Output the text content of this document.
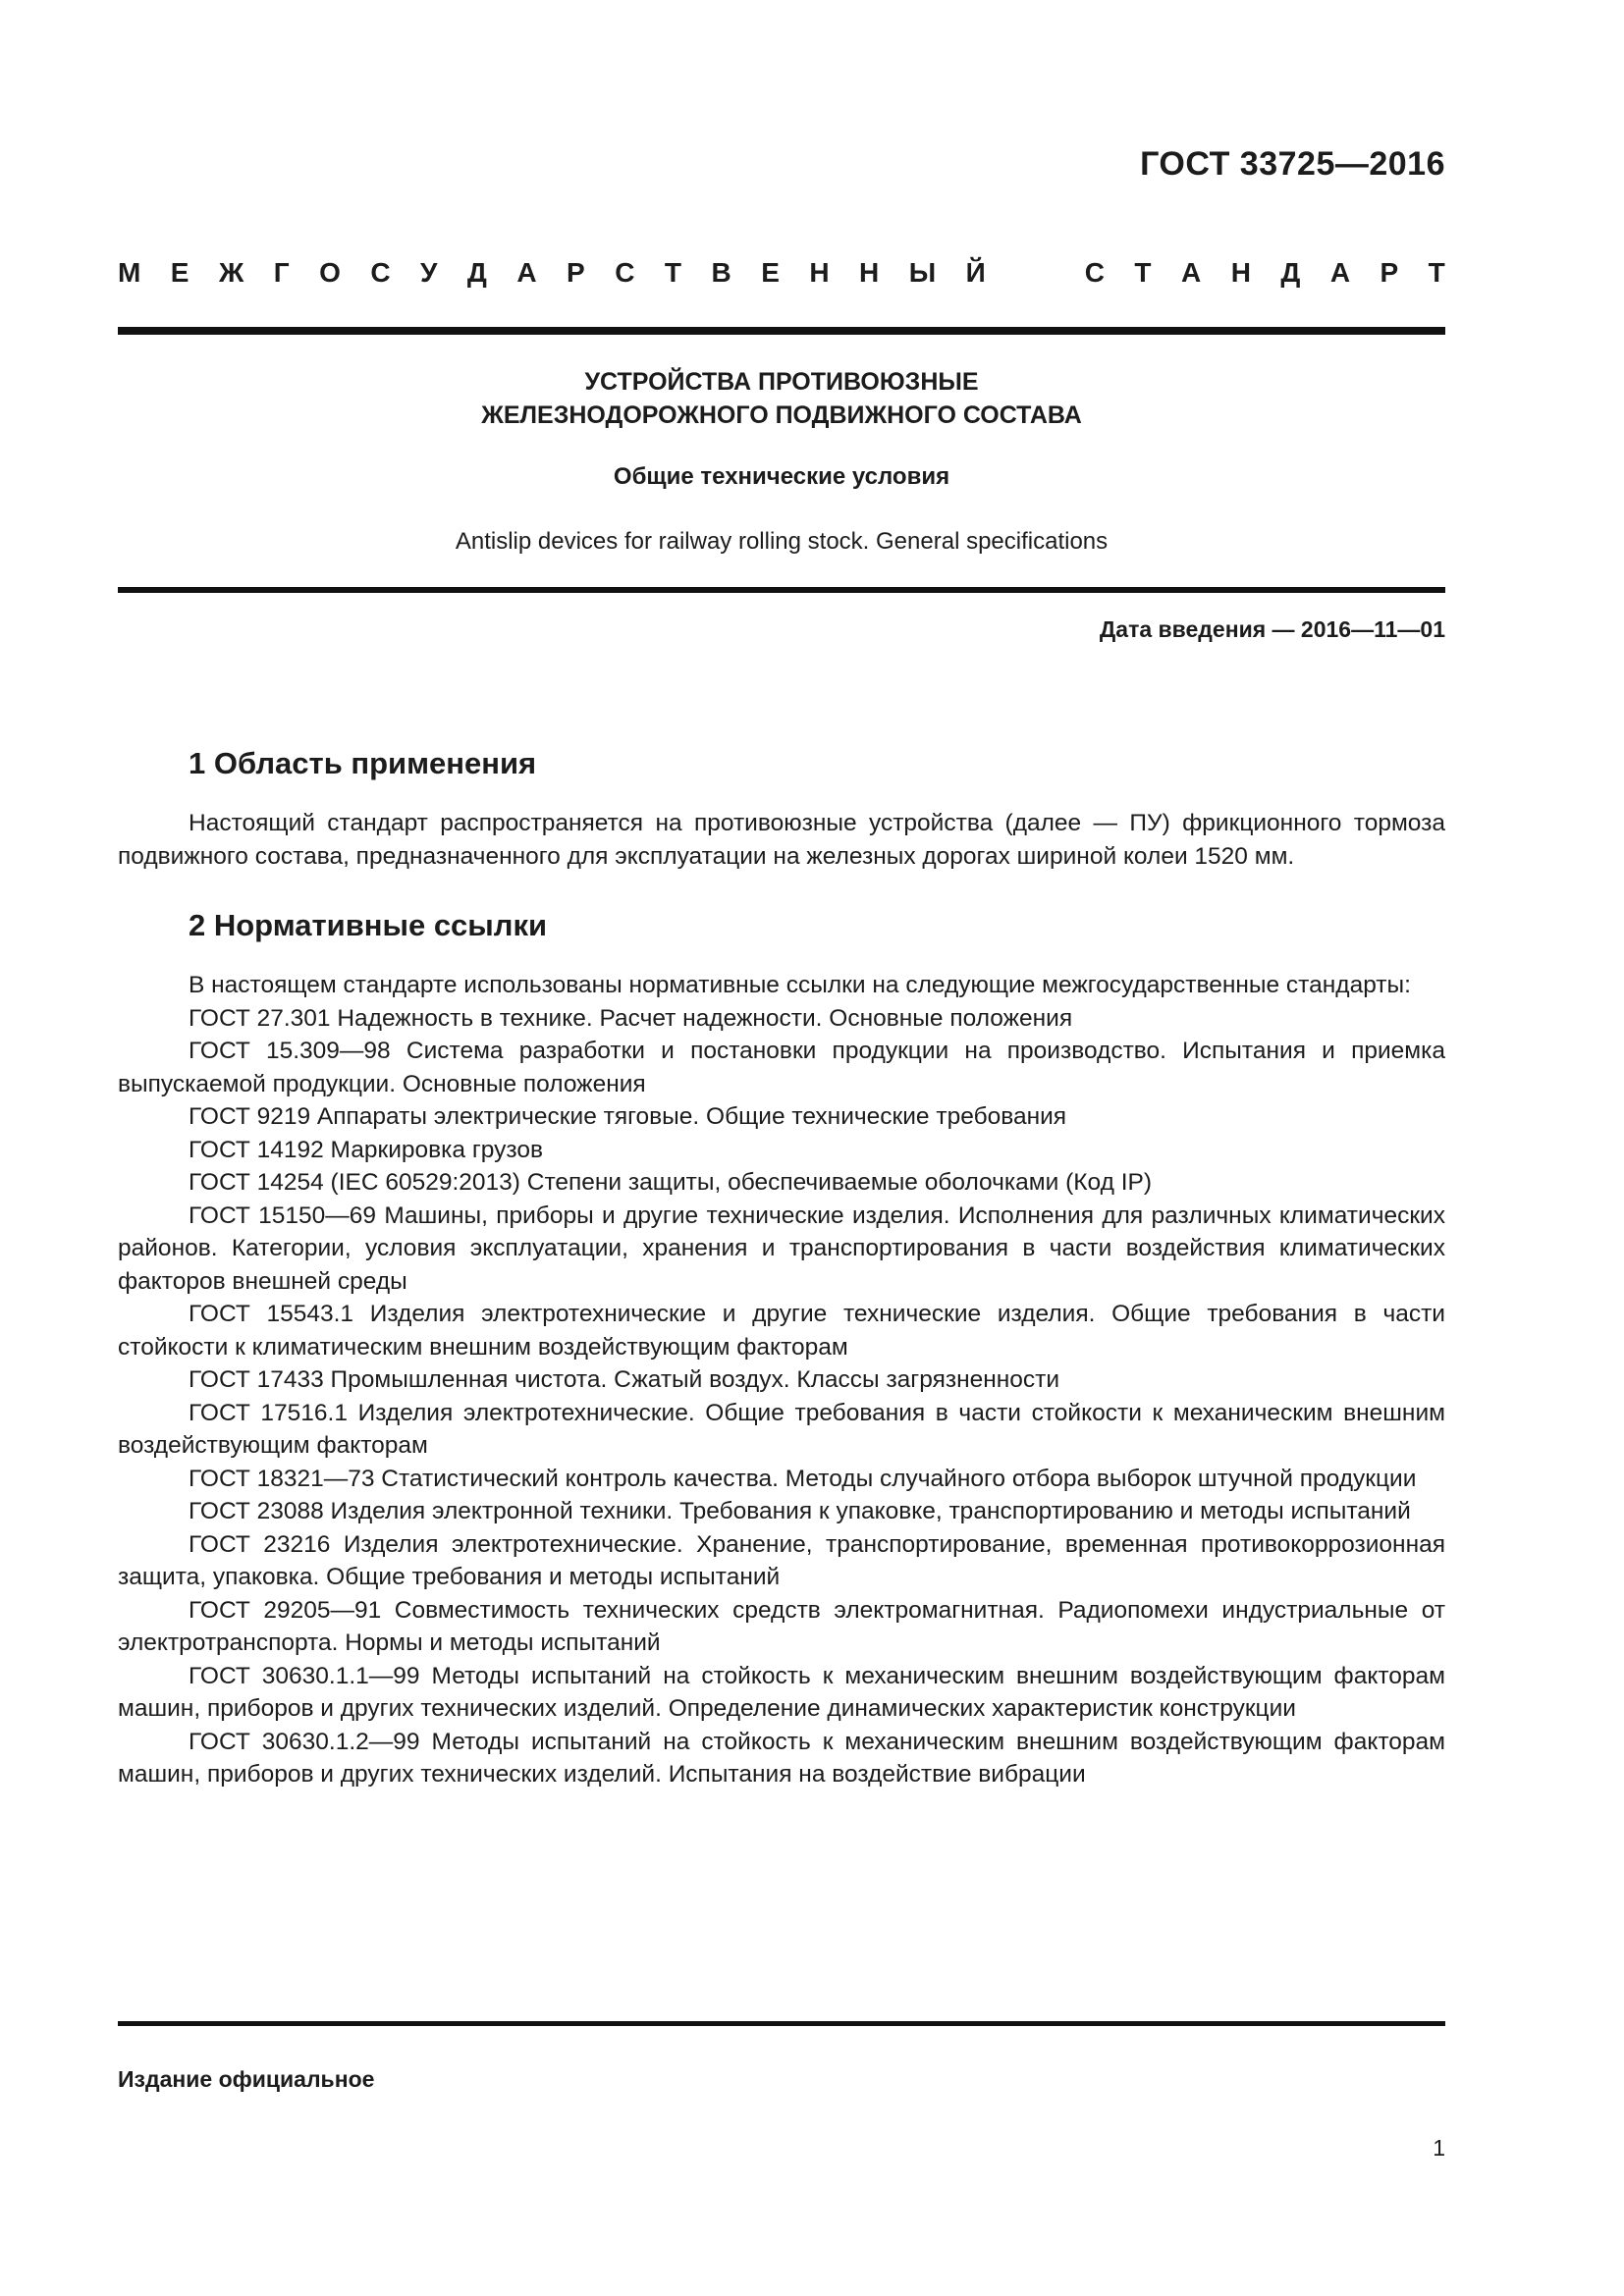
ГОСТ 33725—2016
М Е Ж Г О С У Д А Р С Т В Е Н Н Ы Й	С Т А Н Д А Р Т
УСТРОЙСТВА ПРОТИВОЮЗНЫЕ
ЖЕЛЕЗНОДОРОЖНОГО ПОДВИЖНОГО СОСТАВА
Общие технические условия
Antislip devices for railway rolling stock. General specifications
Дата введения — 2016—11—01
1 Область применения

Настоящий стандарт распространяется на противоюзные устройства (далее — ПУ) фрикционного тормоза подвижного состава, предназначенного для эксплуатации на железных дорогах шириной колеи 1520 мм.

2 Нормативные ссылки

В настоящем стандарте использованы нормативные ссылки на следующие межгосударственные стандарты:

ГОСТ 27.301 Надежность в технике. Расчет надежности. Основные положения

ГОСТ 15.309—98 Система разработки и постановки продукции на производство. Испытания и приемка выпускаемой продукции. Основные положения

ГОСТ 9219 Аппараты электрические тяговые. Общие технические требования

ГОСТ 14192 Маркировка грузов

ГОСТ 14254 (IEC 60529:2013) Степени защиты, обеспечиваемые оболочками (Код IP)

ГОСТ 15150—69 Машины, приборы и другие технические изделия. Исполнения для различных климатических районов. Категории, условия эксплуатации, хранения и транспортирования в части воздействия климатических факторов внешней среды

ГОСТ 15543.1 Изделия электротехнические и другие технические изделия. Общие требования в части стойкости к климатическим внешним воздействующим факторам

ГОСТ 17433 Промышленная чистота. Сжатый воздух. Классы загрязненности

ГОСТ 17516.1 Изделия электротехнические. Общие требования в части стойкости к механическим внешним воздействующим факторам

ГОСТ 18321—73 Статистический контроль качества. Методы случайного отбора выборок штучной продукции

ГОСТ 23088 Изделия электронной техники. Требования к упаковке, транспортированию и методы испытаний

ГОСТ 23216 Изделия электротехнические. Хранение, транспортирование, временная противокоррозионная защита, упаковка. Общие требования и методы испытаний

ГОСТ 29205—91 Совместимость технических средств электромагнитная. Радиопомехи индустриальные от электротранспорта. Нормы и методы испытаний

ГОСТ 30630.1.1—99 Методы испытаний на стойкость к механическим внешним воздействующим факторам машин, приборов и других технических изделий. Определение динамических характеристик конструкции

ГОСТ 30630.1.2—99 Методы испытаний на стойкость к механическим внешним воздействующим факторам машин, приборов и других технических изделий. Испытания на воздействие вибрации

Издание официальное
1
